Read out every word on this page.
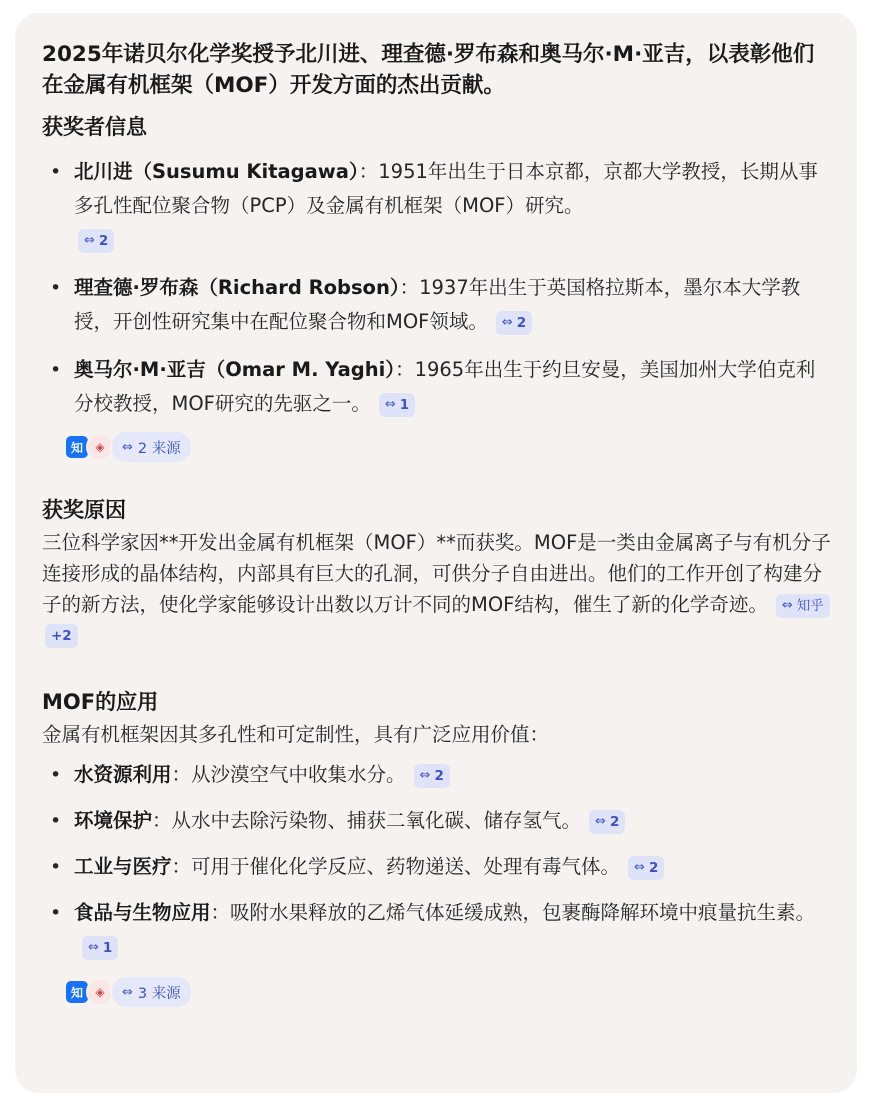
2025年诺贝尔化学奖授予北川进、理查德·罗布森和奥马尔·M·亚吉，以表彰他们在金属有机框架（MOF）开发方面的杰出贡献。

获奖者信息
• 北川进（Susumu Kitagawa）：1951年出生于日本京都，京都大学教授，长期从事多孔性配位聚合物（PCP）及金属有机框架（MOF）研究。

⇔ 2
• 理查德·罗布森（Richard Robson）：1937年出生于英国格拉斯本，墨尔本大学教授，开创性研究集中在配位聚合物和MOF领域。 ⇔ 2
• 奥马尔·M·亚吉（Omar M. Yaghi）：1965年出生于约旦安曼，美国加州大学伯克利分校教授，MOF研究的先驱之一。 ⇔ 1
知	◈	⇔ 2 来源
获奖原因

三位科学家因**开发出金属有机框架（MOF）**而获奖。MOF是一类由金属离子与有机分子连接形成的晶体结构，内部具有巨大的孔洞，可供分子自由进出。他们的工作开创了构建分子的新方法，使化学家能够设计出数以万计不同的MOF结构，催生了新的化学奇迹。 ⇔ 知乎
+2

MOF的应用

金属有机框架因其多孔性和可定制性，具有广泛应用价值：

• 水资源利用：从沙漠空气中收集水分。 ⇔ 2
• 环境保护：从水中去除污染物、捕获二氧化碳、储存氢气。 ⇔ 2
• 工业与医疗：可用于催化化学反应、药物递送、处理有毒气体。 ⇔ 2
• 食品与生物应用：吸附水果释放的乙烯气体延缓成熟，包裹酶降解环境中痕量抗生素。
⇔ 1
知	◈	⇔ 3 来源
